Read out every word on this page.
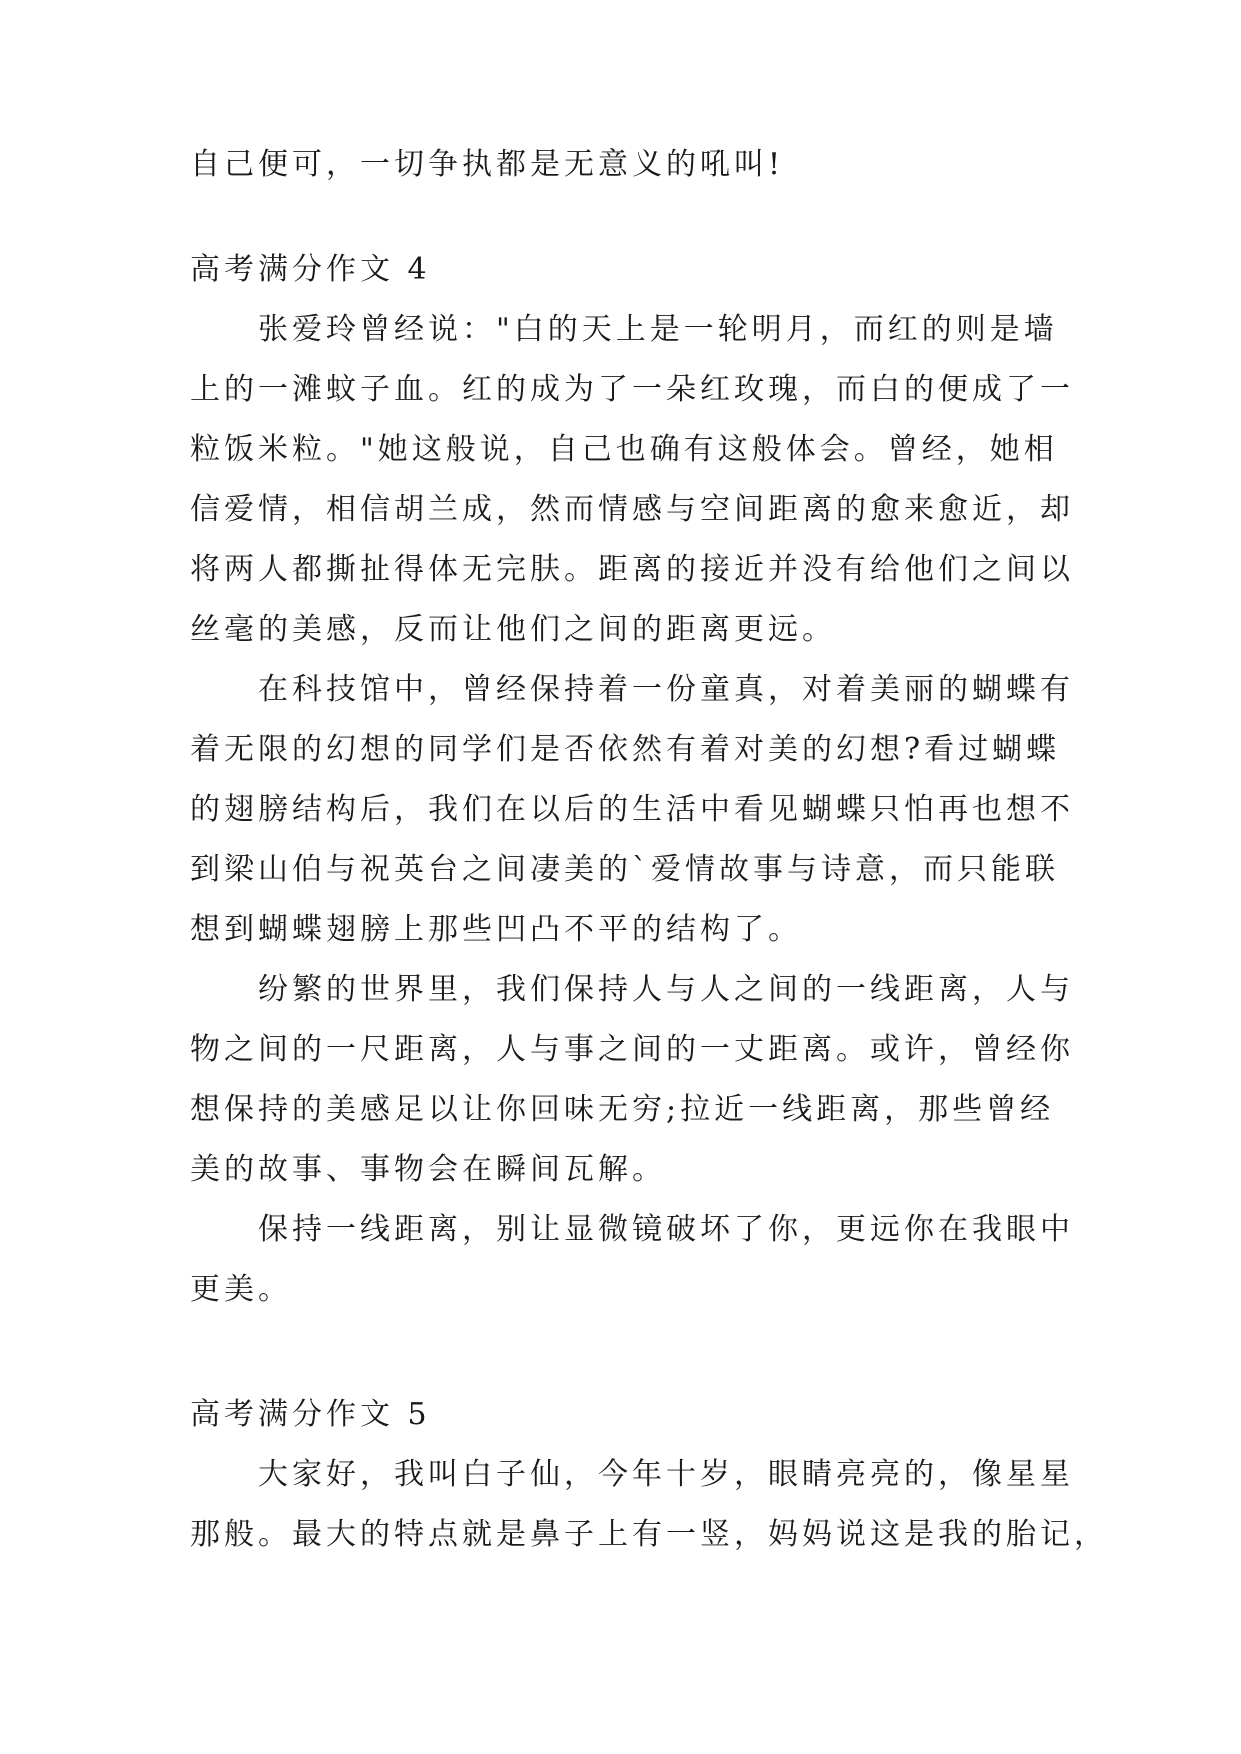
自己便可，一切争执都是无意义的吼叫!
高考满分作文 4
张爱玲曾经说："白的天上是一轮明月，而红的则是墙
上的一滩蚊子血。红的成为了一朵红玫瑰，而白的便成了一
粒饭米粒。"她这般说，自己也确有这般体会。曾经，她相
信爱情，相信胡兰成，然而情感与空间距离的愈来愈近，却
将两人都撕扯得体无完肤。距离的接近并没有给他们之间以
丝毫的美感，反而让他们之间的距离更远。
在科技馆中，曾经保持着一份童真，对着美丽的蝴蝶有
着无限的幻想的同学们是否依然有着对美的幻想?看过蝴蝶
的翅膀结构后，我们在以后的生活中看见蝴蝶只怕再也想不
到梁山伯与祝英台之间凄美的`爱情故事与诗意，而只能联
想到蝴蝶翅膀上那些凹凸不平的结构了。
纷繁的世界里，我们保持人与人之间的一线距离，人与
物之间的一尺距离，人与事之间的一丈距离。或许，曾经你
想保持的美感足以让你回味无穷;拉近一线距离，那些曾经
美的故事、事物会在瞬间瓦解。
保持一线距离，别让显微镜破坏了你，更远你在我眼中
更美。
高考满分作文 5
大家好，我叫白子仙，今年十岁，眼睛亮亮的，像星星
那般。最大的特点就是鼻子上有一竖，妈妈说这是我的胎记，
